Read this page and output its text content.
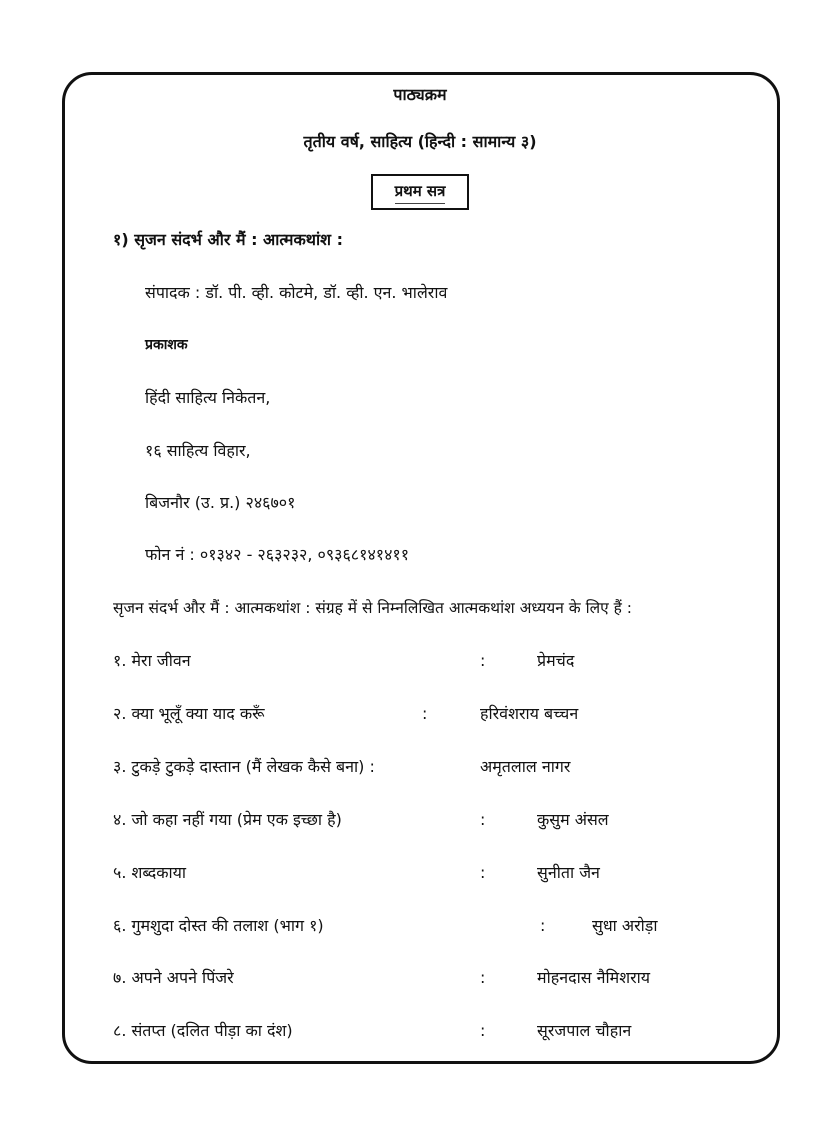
पाठ्यक्रम
तृतीय वर्ष, साहित्य (हिन्दी : सामान्य ३)
प्रथम सत्र
१) सृजन संदर्भ और मैं : आत्मकथांश :
संपादक : डॉ. पी. व्ही. कोटमे, डॉ. व्ही. एन. भालेराव
प्रकाशक
हिंदी साहित्य निकेतन,
१६ साहित्य विहार,
बिजनौर (उ. प्र.) २४६७०१
फोन नं : ०१३४२ - २६३२३२, ०९३६८१४१४११
सृजन संदर्भ और मैं : आत्मकथांश : संग्रह में से निम्नलिखित आत्मकथांश अध्ययन के लिए हैं :
१. मेरा जीवन	:	प्रेमचंद
२. क्या भूलूँ क्या याद करूँ	:	हरिवंशराय बच्चन
३. टुकड़े टुकड़े दास्तान (मैं लेखक कैसे बना) :	अमृतलाल नागर
४. जो कहा नहीं गया (प्रेम एक इच्छा है)	:	कुसुम अंसल
५. शब्दकाया	:	सुनीता जैन
६. गुमशुदा दोस्त की तलाश (भाग १)	:	सुधा अरोड़ा
७. अपने अपने पिंजरे	:	मोहनदास नैमिशराय
८. संतप्त (दलित पीड़ा का दंश)	:	सूरजपाल चौहान
